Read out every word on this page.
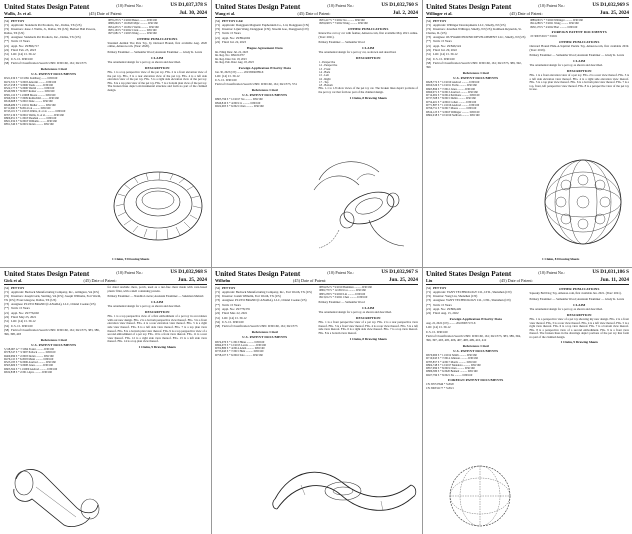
United States Design Patent	(10) Patent No.:	US D1,037,378 S
Wallis, Jr. et al.	(45) Date of Patent:	Jul. 30, 2024
(54) PET TOY
(71) Applicant: Standards Pet Products, Inc., Dallas, TX (US)
(72) Inventors: Jesse J. Wallis, Jr., Dallas, TX (US); Herbert Ball Powers, Dallas, TX (US)
(73) Assignee: Standards Pet Products, Inc., Dallas, TX (US)
(**) Term: 15 Years
(21) Appl. No.: 29/896,717
(22) Filed: Feb. 23, 2023
(51) LOC (14) Cl. 30-12
(52) U.S. Cl. D30/160
(58) Field of Classification Search USPC D30/160, 161; D21/373
References Cited
U.S. PATENT DOCUMENTS
D321,019 S * 10/1991 Kohlberg ........ D30/160
D472,331 S * 3/2003 Amorini .......... D30/160
D517,258 S * 3/2006 Tarek .......... D30/160
D522,177 S * 5/2006 Wernli .......... D30/160
D549,389 S * 8/2007 Romer .......... D30/160
D581,116 S * 11/2008 Moore .......... D30/160
D596,359 S * 7/2009 Rothschild .......... D30/160
D616,608 S * 5/2010 Dane .......... D30/160
D648,489 S * 11/2011 Muller .......... D30/160
D711,060 S * 8/2014 Lai .......... D30/160
D743,101 S * 11/2015 Wallis, Jr. et al. .......... D30/160
D767,219 S * 9/2016 Wallis, Jr. et al. .......... D30/160
D806,951 S * 1/2018 Sheehan .......... D30/160
D821,034 S * 6/2018 Williams .......... D30/160
D851,340 S * 6/2019 Dolan .......... D30/160
D876,235 S * 2/2020 Baker .......... D30/160
D898,294 S * 10/2020 Mijic .......... D30/160
D934,455 S * 10/2021 Wallis .......... D30/160
D955,163 S * 6/2022 Clark .......... D30/160
D975,981 S * 1/2023 Wang .......... D30/160
OTHER PUBLICATIONS
Standard Animal Tire Pets Toy, by Outward Hound, first available Aug. 2020 online, Amazon.com. (Year: 2020).
Primary Examiner — Samantha Wood; Assistant Examiner — Glady K. Lewis
CLAIM
The ornamental design for a pet toy, as shown and described.
DESCRIPTION
FIG. 1 is a top perspective view of the pet toy. FIG. 2 is a front elevation view of the pet toy. FIG. 3 is a rear elevation view of the pet toy. FIG. 4 is a left side elevation view of the pet toy. FIG. 5 is a right side elevation view of the pet toy. FIG. 6 is a top plan view of the pet toy. FIG. 7 is a bottom plan view of the pet toy. The broken lines depict environmental structure and form no part of the claimed design.
1 Claim, 9 Drawing Sheets
United States Design Patent	(10) Patent No.:	US D1,032,760 S
Wang et al.	(45) Date of Patent:	Jul. 2, 2024
(54) PET TOY CAR
(71) Applicant: Dongguan Magnetic Euphonium Co., Ltd, Dongguan (CN)
(72) Inventor: Lijun Wang, Dongguan (CN); Xiaolin Gao, Dongguan (CN)
(**) Term: 15 Years
(21) Appl. No.: 29/894,604
(22) Filed: Jul. 22, 2023
Hague Agreement Data
Int. Filing Date: Jul. 22, 2023
Int. Reg. No.: DM/224737
Int. Reg. Date: Jul. 18, 2023
Int. Reg. Pub. Date: Aug. 18, 2023
Foreign Application Priority Data
Jan. 30, 2023 (CN) ......... 202330040389.X
LOC (14) Cl. 30-12
U.S. Cl. D30/160
Field of Classification Search USPC D30/160, 161; D21/373, 574
References Cited
U.S. PATENT DOCUMENTS
D805,796 S * 12/2017 Xu .......... D30/160
D846,810 S * 4/2019 Li .......... D30/160
D922,003 S * 6/2021 Chen .......... D30/160
D955,417 S * 5/2022 Xu .......... D30/160
D959,048 S * 7/2022 Wang .......... D30/160
OTHER PUBLICATIONS
Interactive cat toy car with feather, Amazon.com, first available May 2021 online. (Year: 2021).
Primary Examiner — Samantha Wood
CLAIM
The ornamental design for a pet toy car, as shown and described.
DESCRIPTION
1 - Perspective
1.2 - Perspective
1.3 - Front
1.4 - Back
1.5 - Left
1.6 - Right
1.7 - Top
1.8 - Bottom
FIG. 1.1 to 1.8 show views of the pet toy car. The broken lines depict portions of the pet toy car that form no part of the claimed design.
1 Claim, 8 Drawing Sheets
United States Design Patent	(10) Patent No.:	US D1,032,969 S
Willinger et al.	(45) Date of Patent:	Jun. 25, 2024
(54) PET TOY
(71) Applicant: Willinger Developments LLC, Smelly, NJ (US)
(72) Inventors: Jonathan Willinger, Smelly, NJ (US); Kathleen Reynolds, St. Charles, IL (US)
(73) Assignee: OUTWARD HOUND DEVELOPMENT LLC, Smelly, NJ (US)
(**) Term: 15 Years
(21) Appl. No.: 29/846,524
(22) Filed: Jul. 29, 2022
(51) LOC (14) Cl. 30-12
(52) U.S. Cl. D30/160
(58) Field of Classification Search USPC D30/160, 161; D21/373, 389, 392, 396
References Cited
U.S. PATENT DOCUMENTS
D628,772 S * 12/2010 Axelrod .......... D30/160
D650,526 S * 12/2011 Fuchs .......... D30/160
D663,896 S * 7/2012 Jones .......... D30/160
D690,071 S * 9/2013 Axelrod .......... D30/160
D714,002 S * 9/2014 Pettibone .......... D30/160
D737,508 S * 8/2015 Dubin .......... D30/160
D754,401 S * 4/2016 Cohen .......... D30/160
D771,887 S * 11/2016 Axelrod .......... D30/160
D796,751 S * 9/2017 Mauro .......... D30/160
D814,125 S * 3/2018 Willinger .......... D30/160
D862,018 S * 10/2019 Sullivan .......... D30/160
D889,063 S * 7/2020 Willinger .......... D30/160
D914,289 S * 3/2021 Wang .......... D30/160
D950,179 S * 4/2022 Hart .......... D30/160
FOREIGN PATENT DOCUMENTS
CN 306374519 * 3/2021
OTHER PUBLICATIONS
Outward Hound Hide-A-Squirrel Puzzle Toy, Amazon.com, first available 2019. (Year: 2019).
Primary Examiner — Samantha Wood; Assistant Examiner — Glady K. Lewis
CLAIM
The ornamental design for a pet toy, as shown and described.
DESCRIPTION
FIG. 1 is a front elevation view of a pet toy. FIG. 2 is a rear view thereof. FIG. 3 is a left side elevation view thereof. FIG. 4 is a right side elevation view thereof. FIG. 5 is a top plan view thereof. FIG. 6 is a bottom plan view thereof. FIG. 7 is a top, front, left perspective view thereof. FIG. 8 is a perspective view of the pet toy in use.
1 Claim, 8 Drawing Sheets
United States Design Patent	(10) Patent No.:	US D1,032,968 S
Gick et al.	(45) Date of Patent:	Jun. 25, 2024
(54) PET TOY
(71) Applicant: Bedrock Manufacturing Company, Inc., Arlington, VA (US)
(72) Inventors: Joseph Gick, Sterling, VA (US); Joseph Williams, Fort Worth, TX (US); Evan Glasgow, Dallas, TX (US)
(73) Assignee: PLUTO BRAND (CANADA), LLC, Orland Cookie (US)
(**) Term: 15 Years
(21) Appl. No.: 29/776,602
(22) Filed: May 25, 2021
(51) LOC (14) Cl. 30-12
(52) U.S. Cl. D30/160
(58) Field of Classification Search USPC D30/160, 161; D21/373, 383, 386, 396, 398, 403
References Cited
U.S. PATENT DOCUMENTS
5,318,967 A * 7/1994 Foster .......... D30/160
D378,347 S * 3/1997 Pollock .......... D30/160
D469,999 S * 2/2003 Dolan .......... D30/160
D476,110 S * 6/2003 Mann .......... D30/160
D523,185 S * 6/2006 Axelrod .......... D30/160
D563,609 S * 3/2008 Jones .......... D30/160
D603,564 S * 11/2009 Axelrod .......... D30/160
D632,838 S * 2/2011 Ayes .......... D30/160
for dried rawhide chew, porch, used as a nut-free chew made with corn-based plastic filler, with a shell containing protein.
Primary Examiner — Nandita Lawrie; Assistant Examiner — Suleiman Mehtab
CLAIM
The ornamental design for a pet toy, as shown and described.
DESCRIPTION
FIG. 1 is a top perspective view of a first embodiment of a pet toy in accordance with our new design. FIG. 2 is a bottom perspective view thereof. FIG. 3 is a front elevation view thereof. FIG. 4 is a rear elevation view thereof. FIG. 5 is a right side view thereof. FIG. 6 is a left side view thereof. FIG. 7 is a top plan view thereof. FIG. 8 is a bottom plan view thereof. FIG. 9 is a top perspective view of a second embodiment of a pet toy. FIG. 10 is a front view thereof. FIG. 11 is a rear view thereof. FIG. 12 is a right side view thereof. FIG. 13 is a left side view thereof. FIG. 14 is a top plan view thereof.
1 Claim, 9 Drawing Sheets
United States Design Patent	(10) Patent No.:	US D1,032,967 S
Wilhelm	(45) Date of Patent:	Jun. 25, 2024
(54) PET TOY
(71) Applicant: Bedrock Manufacturing Company, Inc., Fort Worth, TX (US)
(72) Inventor: Josiah Wilhelm, Fort Worth, TX (US)
(73) Assignee: PLUTO BRAND (CANADA), LLC, Orland Cookie (US)
(**) Term: 15 Years
(21) Appl. No.: 29/778,335
(22) Filed: Mar. 22, 2021
(51) LOC (14) Cl. 30-12
(52) U.S. Cl. D30/160
(58) Field of Classification Search USPC D30/160, 161; D21/373
References Cited
U.S. PATENT DOCUMENTS
D674,970 S * 1/2013 Hines .......... D30/160
D694,973 S * 12/2013 Lewis .......... D30/160
D702,880 S * 4/2014 Adam .......... D30/160
D733,943 S * 7/2015 Hunt .......... D30/160
D758,107 S * 6/2016 Salo .......... D30/160
D859,052 S * 9/2019 Bushman .......... D30/160
D869,770 S * 12/2019 Lu .......... D30/160
D895,238 S * 9/2020 Lin .......... D30/160
D913,012 S * 3/2021 Chen .......... D30/160
Primary Examiner — Samantha Wood
CLAIM
The ornamental design for a pet toy, as shown and described.
DESCRIPTION
FIG. 1 is a front perspective view of a pet toy. FIG. 2 is a rear perspective view thereof. FIG. 3 is a front view thereof. FIG. 4 is a rear view thereof. FIG. 5 is a left side view thereof. FIG. 6 is a right side view thereof. FIG. 7 is a top view thereof. FIG. 8 is a bottom view thereof.
1 Claim, 8 Drawing Sheets
United States Design Patent	(10) Patent No.:	US D1,031,186 S
Liu	(45) Date of Patent:	Jun. 11, 2024
(54) PET TOY
(71) Applicant: YANY TECHNOLOGY CO., LTD., Shenzhen (CN)
(72) Inventor: Yong Liu, Shenzhen (CN)
(73) Assignee: YANY TECHNOLOGY CO., LTD., Shenzhen (CN)
(**) Term: 15 Years
(21) Appl. No.: 29/866,449
(22) Filed: Aug. 15, 2022
Foreign Application Priority Data
Aug. 22, 2022 (CN) ......... 202230657172.X
LOC (14) Cl. 30-12
U.S. Cl. D30/160
Field of Classification Search USPC D30/160, 161; D21/373, 383, 389, 394, 396, 397, 403, 405, 406, 407, 408, 409, 410, 412
References Cited
U.S. PATENT DOCUMENTS
D670,060 S * 11/2012 Smith .......... D30/160
D710,045 S * 7/2014 Johnson .......... D30/160
D785,857 S * 4/2017 Morris .......... D30/160
D804,748 S * 12/2017 Mendoza .......... D30/160
D857,999 S * 8/2019 Chen .......... D30/160
D886,380 S * 6/2020 Bennett .......... D30/160
D927,799 S * 8/2021 Xu .......... D30/160
FOREIGN PATENT DOCUMENTS
CN 305747646 * 5/2020
CN 306532177 * 5/2021
OTHER PUBLICATIONS
Squeaky Ball Dog Toy, Amazon.com, first available Jan. 2021. (Year: 2021).
Primary Examiner — Samantha Wood; Assistant Examiner — Glady K. Lewis
CLAIM
The ornamental design for a pet toy, as shown and described.
DESCRIPTION
FIG. 1 is a perspective view of a pet toy showing my new design. FIG. 2 is a front view thereof. FIG. 3 is a rear view thereof. FIG. 4 is a left view thereof. FIG. 5 is a right view thereof. FIG. 6 is a top view thereof. FIG. 7 is a bottom view thereof. FIG. 8 is a perspective view of a second embodiment. FIG. 9 is a front view thereof. The broken lines in the drawings depict portions of the pet toy that form no part of the claimed design.
1 Claim, 9 Drawing Sheets
